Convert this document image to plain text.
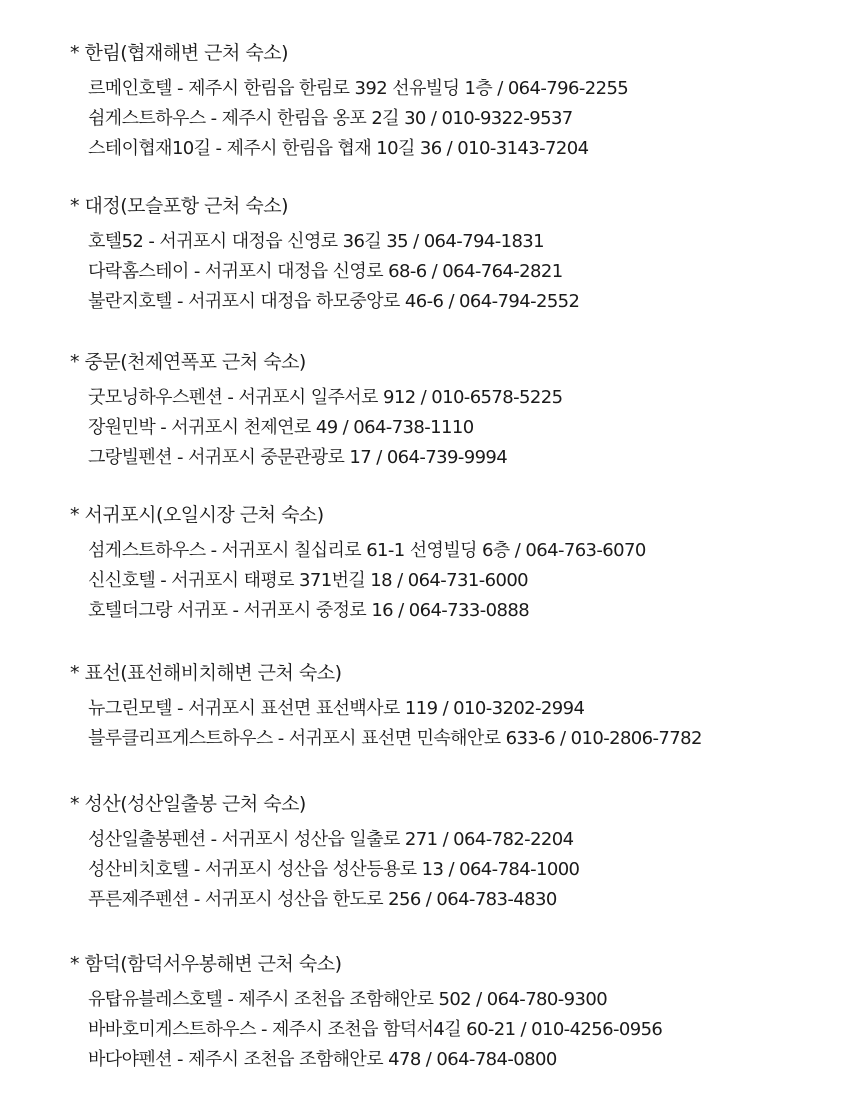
* 한림(협재해변 근처 숙소)
르메인호텔 - 제주시 한림읍 한림로 392 선유빌딩 1층 / 064-796-2255
쉼게스트하우스 - 제주시 한림읍 옹포 2길 30 / 010-9322-9537
스테이협재10길 - 제주시 한림읍 협재 10길 36 / 010-3143-7204
* 대정(모슬포항 근처 숙소)
호텔52 - 서귀포시 대정읍 신영로 36길 35 / 064-794-1831
다락홈스테이 - 서귀포시 대정읍 신영로 68-6 / 064-764-2821
불란지호텔 - 서귀포시 대정읍 하모중앙로 46-6 / 064-794-2552
* 중문(천제연폭포 근처 숙소)
굿모닝하우스펜션 - 서귀포시 일주서로 912 / 010-6578-5225
장원민박 - 서귀포시 천제연로 49 / 064-738-1110
그랑빌펜션 - 서귀포시 중문관광로 17 / 064-739-9994
* 서귀포시(오일시장 근처 숙소)
섬게스트하우스 - 서귀포시 칠십리로 61-1 선영빌딩 6층 / 064-763-6070
신신호텔 - 서귀포시 태평로 371번길 18 / 064-731-6000
호텔더그랑 서귀포 - 서귀포시 중정로 16 / 064-733-0888
* 표선(표선해비치해변 근처 숙소)
뉴그린모텔 - 서귀포시 표선면 표선백사로 119 / 010-3202-2994
블루클리프게스트하우스 - 서귀포시 표선면 민속해안로 633-6 / 010-2806-7782
* 성산(성산일출봉 근처 숙소)
성산일출봉펜션 - 서귀포시 성산읍 일출로 271 / 064-782-2204
성산비치호텔 - 서귀포시 성산읍 성산등용로 13 / 064-784-1000
푸른제주펜션 - 서귀포시 성산읍 한도로 256 / 064-783-4830
* 함덕(함덕서우봉해변 근처 숙소)
유탑유블레스호텔 - 제주시 조천읍 조함해안로 502 / 064-780-9300
바바호미게스트하우스 - 제주시 조천읍 함덕서4길 60-21 / 010-4256-0956
바다야펜션 - 제주시 조천읍 조함해안로 478 / 064-784-0800
